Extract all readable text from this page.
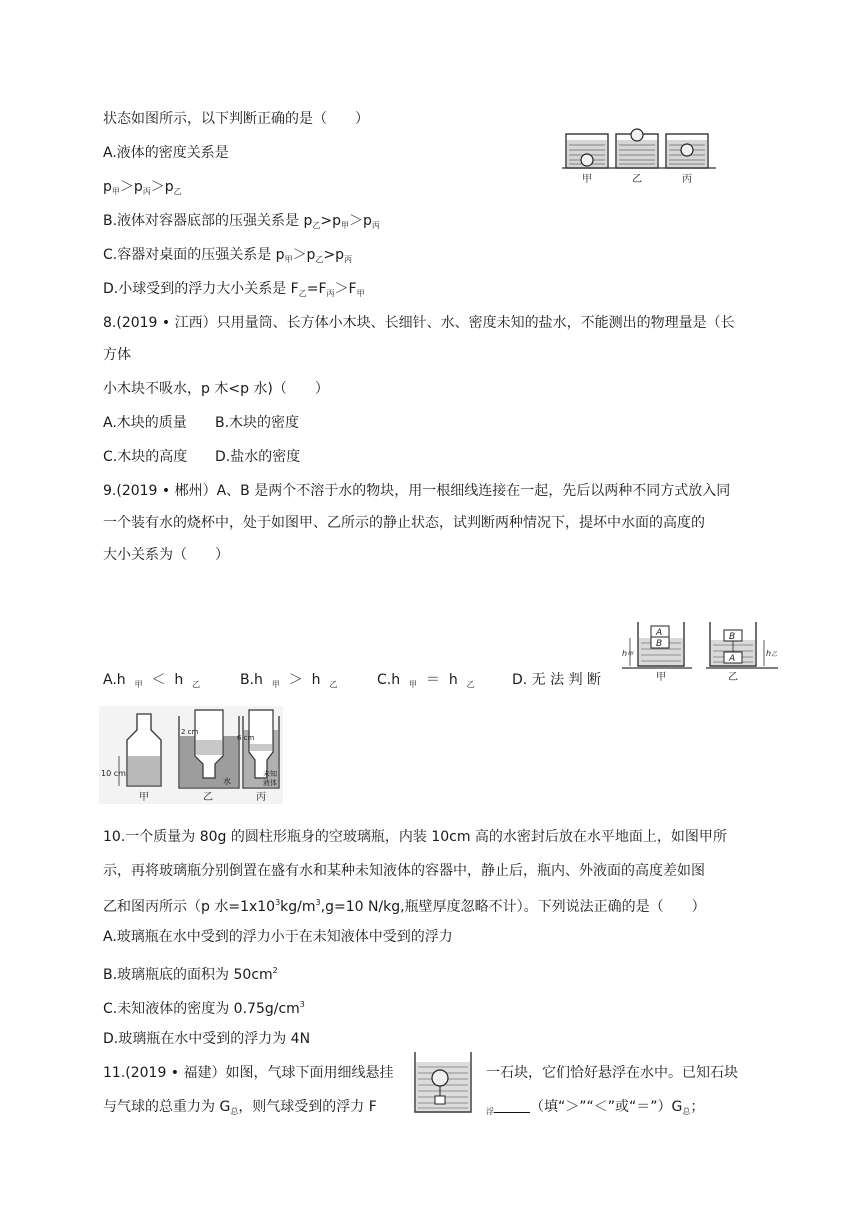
状态如图所示，以下判断正确的是（　　）
甲	乙	丙
A.液体的密度关系是
$p_甲>p_丙>p_乙$
B.液体对容器底部的压强关系是 $p_乙>p_甲>p_丙$
C.容器对桌面的压强关系是 $p_甲>p_乙>p_丙$
D.小球受到的浮力大小关系是 $F_乙=F_丙>F_甲$
8.(2019 • 江西）只用量筒、长方体小木块、长细针、水、密度未知的盐水，不能测出的物理量是（长
方体
小木块不吸水，p 木<p 水)（　　）
A.木块的质量 B.木块的密度
C.木块的高度 D.盐水的密度
9.(2019 • 郴州）A、B 是两个不溶于水的物块，用一根细线连接在一起，先后以两种不同方式放入同
一个装有水的烧杯中，处于如图甲、乙所示的静止状态，试判断两种情况下，提坏中水面的高度的
大小关系为（　　）
A.h $_甲$ ＜ h $_乙$	B.h $_甲$ ＞ h $_乙$	C.h $_甲$ ＝ h $_乙$	D. 无 法 判 断
A
B
h甲
甲
B
A
h乙
乙
10 cm
甲
2 cm
水
乙
6 cm
未知
液体
丙
10.一个质量为 80g 的圆柱形瓶身的空玻璃瓶，内装 10cm 高的水密封后放在水平地面上，如图甲所
示，再将玻璃瓶分别倒置在盛有水和某种未知液体的容器中，静止后，瓶内、外液面的高度差如图
乙和图丙所示（p 水$=1x10^3kg/m^3,g=10$ N/kg,瓶壁厚度忽略不计）。下列说法正确的是（　　）
A.玻璃瓶在水中受到的浮力小于在未知液体中受到的浮力
B.玻璃瓶底的面积为 $50cm^2$
C.未知液体的密度为 $0.75g/cm^3$
D.玻璃瓶在水中受到的浮力为 4N
11.(2019 • 福建）如图，气球下面用细线悬挂	一石块，它们恰好悬浮在水中。已知石块
与气球的总重力为 $G_总$，则气球受到的浮力 F	$_浮$	（填“＞”“＜”或“$=”)G_总$；
